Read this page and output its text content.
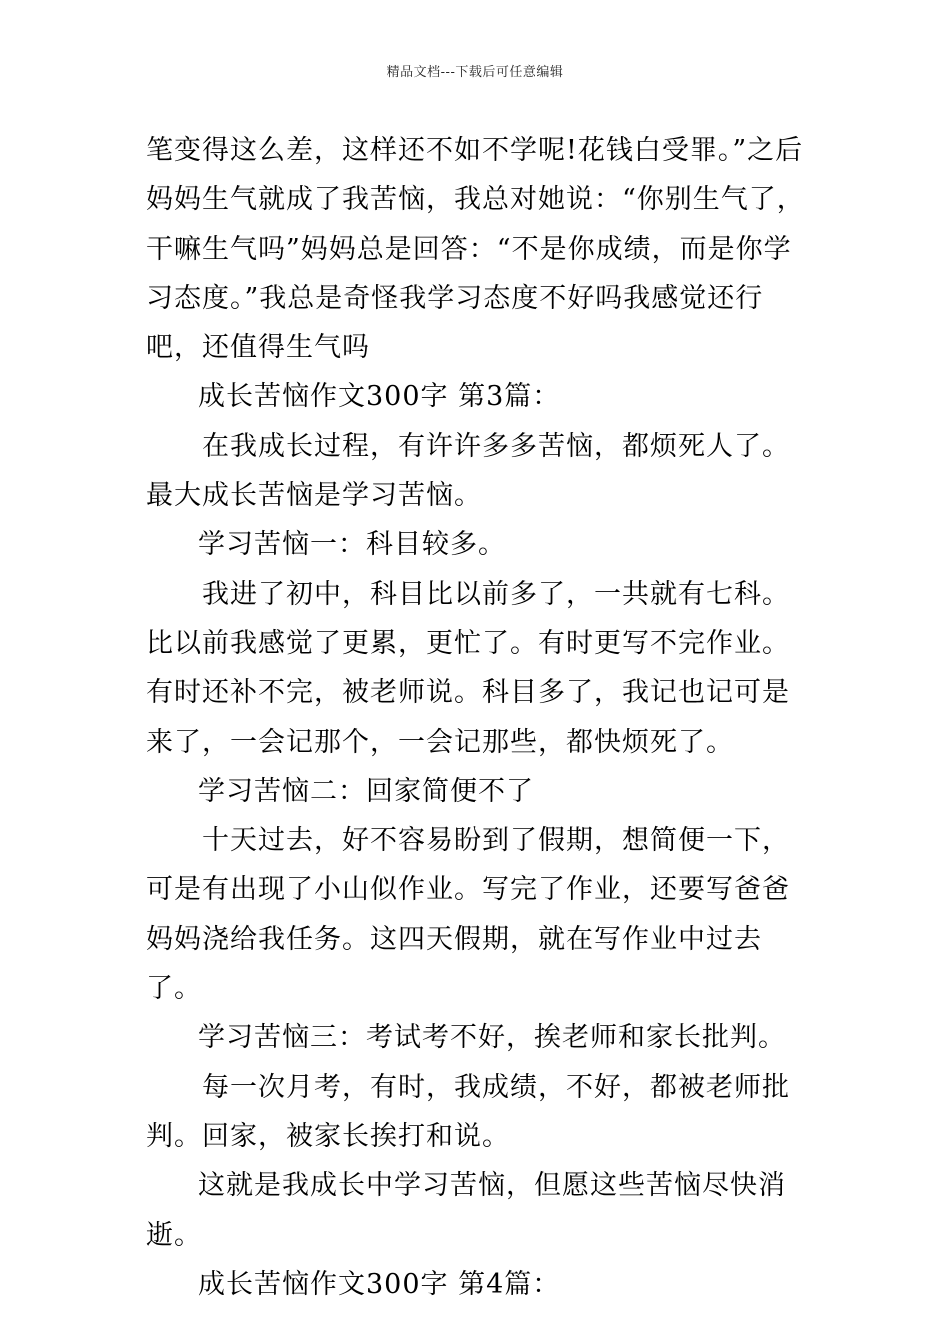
精品文档---下载后可任意编辑

笔变得这么差，这样还不如不学呢!花钱白受罪。”之后妈妈生气就成了我苦恼，我总对她说：“你别生气了，干嘛生气吗”妈妈总是回答：“不是你成绩，而是你学习态度。”我总是奇怪我学习态度不好吗我感觉还行吧，还值得生气吗

成长苦恼作文300字 第3篇：

在我成长过程，有许许多多苦恼，都烦死人了。最大成长苦恼是学习苦恼。

学习苦恼一：科目较多。

我进了初中，科目比以前多了，一共就有七科。比以前我感觉了更累，更忙了。有时更写不完作业。有时还补不完，被老师说。科目多了，我记也记可是来了，一会记那个，一会记那些，都快烦死了。

学习苦恼二：回家简便不了

十天过去，好不容易盼到了假期，想简便一下，可是有出现了小山似作业。写完了作业，还要写爸爸妈妈浇给我任务。这四天假期，就在写作业中过去了。

学习苦恼三：考试考不好，挨老师和家长批判。

每一次月考，有时，我成绩，不好，都被老师批判。回家，被家长挨打和说。

这就是我成长中学习苦恼，但愿这些苦恼尽快消逝。

成长苦恼作文300字 第4篇：
